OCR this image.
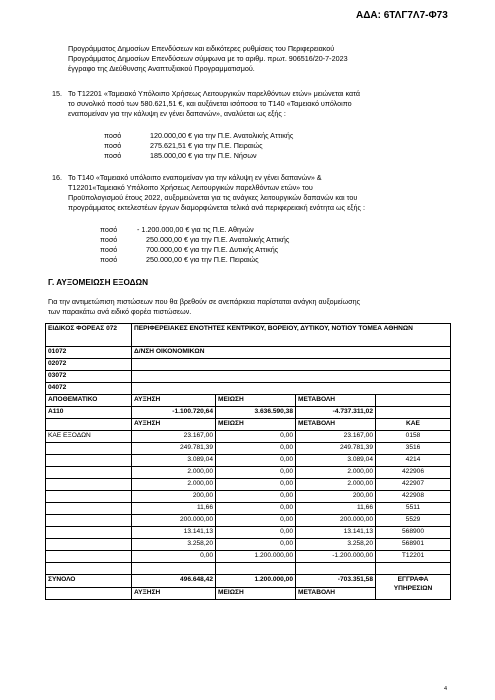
ΑΔΑ: 6ΤΛΓ7Λ7-Φ73
Προγράμματος Δημοσίων Επενδύσεων και ειδικότερες ρυθμίσεις του Περιφερειακού
Προγράμματος Δημοσίων Επενδύσεων σύμφωνα με το αριθμ. πρωτ. 906516/20-7-2023
έγγραφο της Διεύθυνσης Αναπτυξιακού Προγραμματισμού.
15. Το Τ12201 «Ταμειακό Υπόλοιπο Χρήσεως Λειτουργικών παρελθόντων ετών» μειώνεται κατά
το συνολικό ποσό των 580.621,51 €, και αυξάνεται ισόποσα το Τ140 «Ταμειακό υπόλοιπο
εναπομείναν για την κάλυψη εν γένει δαπανών», αναλύεται ως εξής :
ποσό	120.000,00 € για την Π.Ε. Ανατολικής Αττικής
ποσό	275.621,51 € για την Π.Ε. Πειραιώς
ποσό	185.000,00 € για την Π.Ε. Νήσων
16. Το Τ140 «Ταμειακό υπόλοιπο εναπομείναν για την κάλυψη εν γένει δαπανών» &
Τ12201«Ταμειακό Υπόλοιπο Χρήσεως Λειτουργικών παρελθόντων ετών» του
Προϋπολογισμού έτους 2022, αυξομειώνεται για τις ανάγκες λειτουργικών δαπανών και του
προγράμματος εκτελεστέων έργων διαμορφώνεται τελικά ανά περιφερειακή ενότητα ως εξής :
ποσό	- 1.200.000,00 € για τις Π.Ε. Αθηνών
ποσό	250.000,00 € για την Π.Ε. Ανατολικής Αττικής
ποσό	700.000,00 € για την Π.Ε. Δυτικής Αττικής
ποσό	250.000,00 € για την Π.Ε. Πειραιώς
Γ. ΑΥΞΟΜΕΙΩΣΗ ΕΞΟΔΩΝ
Για την αντιμετώπιση πιστώσεων που θα βρεθούν σε ανεπάρκεια παρίσταται ανάγκη αυξομείωσης
των παρακάτω ανά ειδικό φορέα πιστώσεων.
ΕΙΔΙΚΟΣ ΦΟΡΕΑΣ 072	ΠΕΡΙΦΕΡΕΙΑΚΕΣ ΕΝΟΤΗΤΕΣ ΚΕΝΤΡΙΚΟΥ, ΒΟΡΕΙΟΥ, ΔΥΤΙΚΟΥ, ΝΟΤΙΟΥ ΤΟΜΕΑ ΑΘΗΝΩΝ			
01072	Δ/ΝΣΗ ΟΙΚΟΝΟΜΙΚΩΝ			
02072				
03072				
04072				
ΑΠΟΘΕΜΑΤΙΚΟ	ΑΥΞΗΣΗ	ΜΕΙΩΣΗ	ΜΕΤΑΒΟΛΗ	
Α110	-1.100.720,64	3.636.590,38	-4.737.311,02	
	ΑΥΞΗΣΗ	ΜΕΙΩΣΗ	ΜΕΤΑΒΟΛΗ	ΚΑΕ
ΚΑΕ ΕΞΟΔΩΝ	23.167,00	0,00	23.167,00	0158
	249.781,39	0,00	249.781,39	3516
	3.089,04	0,00	3.089,04	4214
	2.000,00	0,00	2.000,00	422906
	2.000,00	0,00	2.000,00	422907
	200,00	0,00	200,00	422908
	11,66	0,00	11,66	5511
	200.000,00	0,00	200.000,00	5529
	13.141,13	0,00	13.141,13	568900
	3.258,20	0,00	3.258,20	568901
	0,00	1.200.000,00	-1.200.000,00	Τ12201

ΣΥΝΟΛΟ	496.648,42	1.200.000,00	-703.351,58	ΕΓΓΡΑΦΑ ΥΠΗΡΕΣΙΩΝ
	ΑΥΞΗΣΗ	ΜΕΙΩΣΗ	ΜΕΤΑΒΟΛΗ	
4
